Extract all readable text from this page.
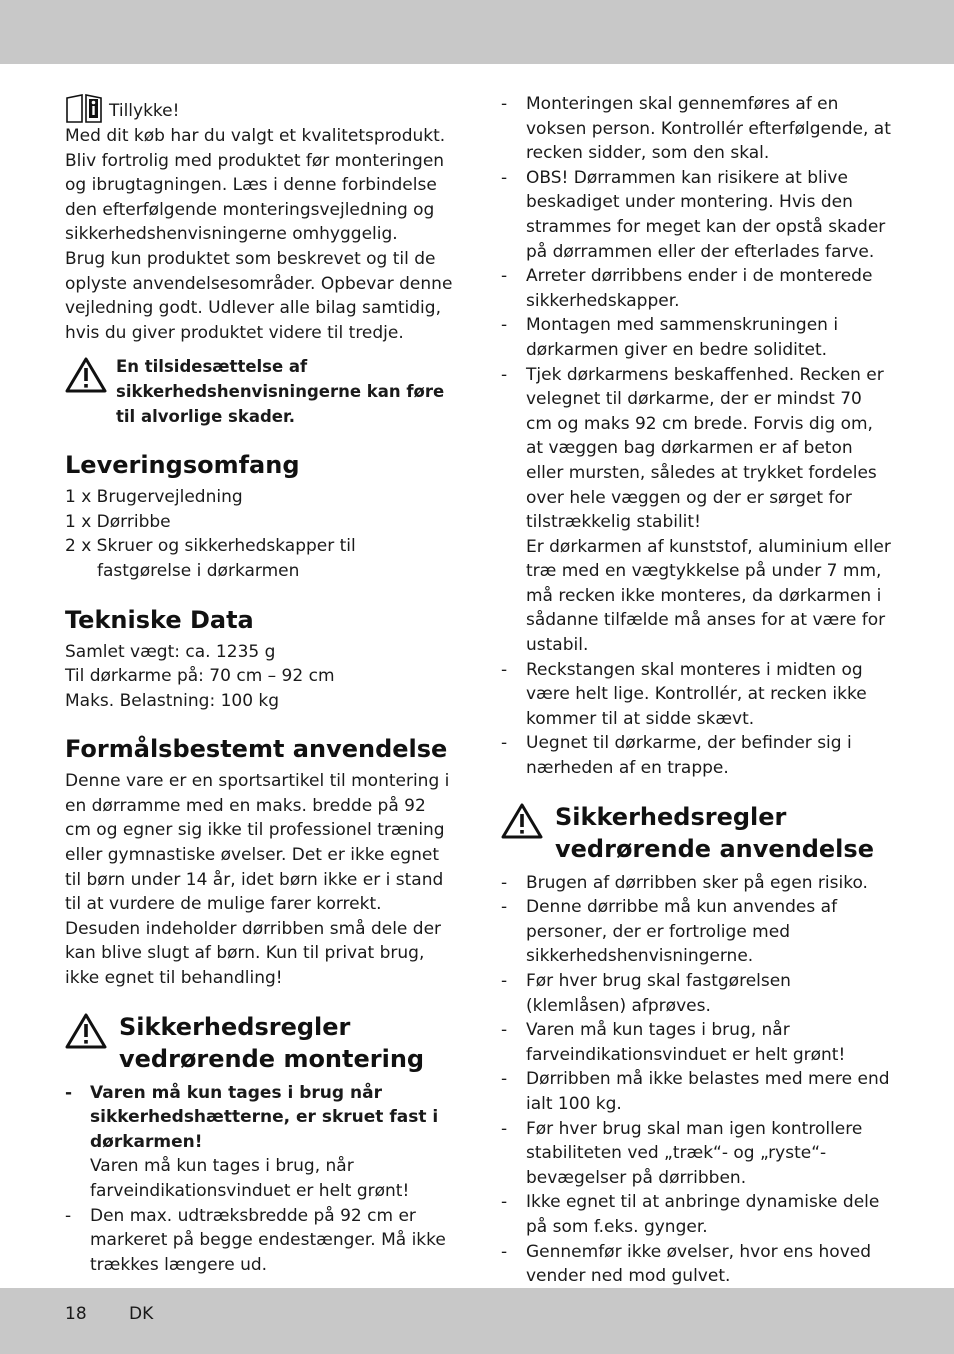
Tillykke!

Med dit køb har du valgt et kvalitetsprodukt. Bliv fortrolig med produktet før monteringen og ibrugtagningen. Læs i denne forbindelse den efterfølgende monteringsvejledning og sikkerhedshenvisningerne omhyggelig.

Brug kun produktet som beskrevet og til de oplyste anvendelsesområder. Opbevar denne vejledning godt. Udlever alle bilag samtidig, hvis du giver produktet videre til tredje.

En tilsidesættelse af sikkerhedshenvisningerne kan føre til alvorlige skader.
Leveringsomfang
1 x Brugervejledning
1 x Dørribbe
2 x Skruer og sikkerhedskapper til fastgørelse i dørkarmen
Tekniske Data
Samlet vægt: ca. 1235 g
Til dørkarme på: 70 cm – 92 cm
Maks. Belastning: 100 kg
Formålsbestemt anvendelse

Denne vare er en sportsartikel til montering i en dørramme med en maks. bredde på 92 cm og egner sig ikke til professionel træning eller gymnastiske øvelser. Det er ikke egnet til børn under 14 år, idet børn ikke er i stand til at vurdere de mulige farer korrekt. Desuden indeholder dørribben små dele der kan blive slugt af børn. Kun til privat brug, ikke egnet til behandling!

Sikkerhedsregler
vedrørende montering
- Varen må kun tages i brug når sikkerhedshætterne, er skruet fast i dørkarmen!
Varen må kun tages i brug, når farveindikationsvinduet er helt grønt!
- Den max. udtræksbredde på 92 cm er markeret på begge endestænger. Må ikke trækkes længere ud.
- Monteringen skal gennemføres af en voksen person. Kontrollér efterfølgende, at recken sidder, som den skal.
- OBS! Dørrammen kan risikere at blive beskadiget under montering. Hvis den strammes for meget kan der opstå skader på dørrammen eller der efterlades farve.
- Arreter dørribbens ender i de monterede sikkerhedskapper.
- Montagen med sammenskruningen i dørkarmen giver en bedre soliditet.
- Tjek dørkarmens beskaffenhed. Recken er velegnet til dørkarme, der er mindst 70 cm og maks 92 cm brede. Forvis dig om, at væggen bag dørkarmen er af beton eller mursten, således at trykket fordeles over hele væggen og der er sørget for tilstrækkelig stabilit!
Er dørkarmen af kunststof, aluminium eller træ med en vægtykkelse på under 7 mm, må recken ikke monteres, da dørkarmen i sådanne tilfælde må anses for at være for ustabil.
- Reckstangen skal monteres i midten og være helt lige. Kontrollér, at recken ikke kommer til at sidde skævt.
- Uegnet til dørkarme, der befinder sig i nærheden af en trappe.
Sikkerhedsregler
vedrørende anvendelse
- Brugen af dørribben sker på egen risiko.
- Denne dørribbe må kun anvendes af personer, der er fortrolige med sikkerhedshenvisningerne.
- Før hver brug skal fastgørelsen (klemlåsen) afprøves.
- Varen må kun tages i brug, når farveindikationsvinduet er helt grønt!
- Dørribben må ikke belastes med mere end ialt 100 kg.
- Før hver brug skal man igen kontrollere stabiliteten ved „træk“- og „ryste“- bevægelser på dørribben.
- Ikke egnet til at anbringe dynamiske dele på som f.eks. gynger.
- Gennemfør ikke øvelser, hvor ens hoved vender ned mod gulvet.
18 DK
